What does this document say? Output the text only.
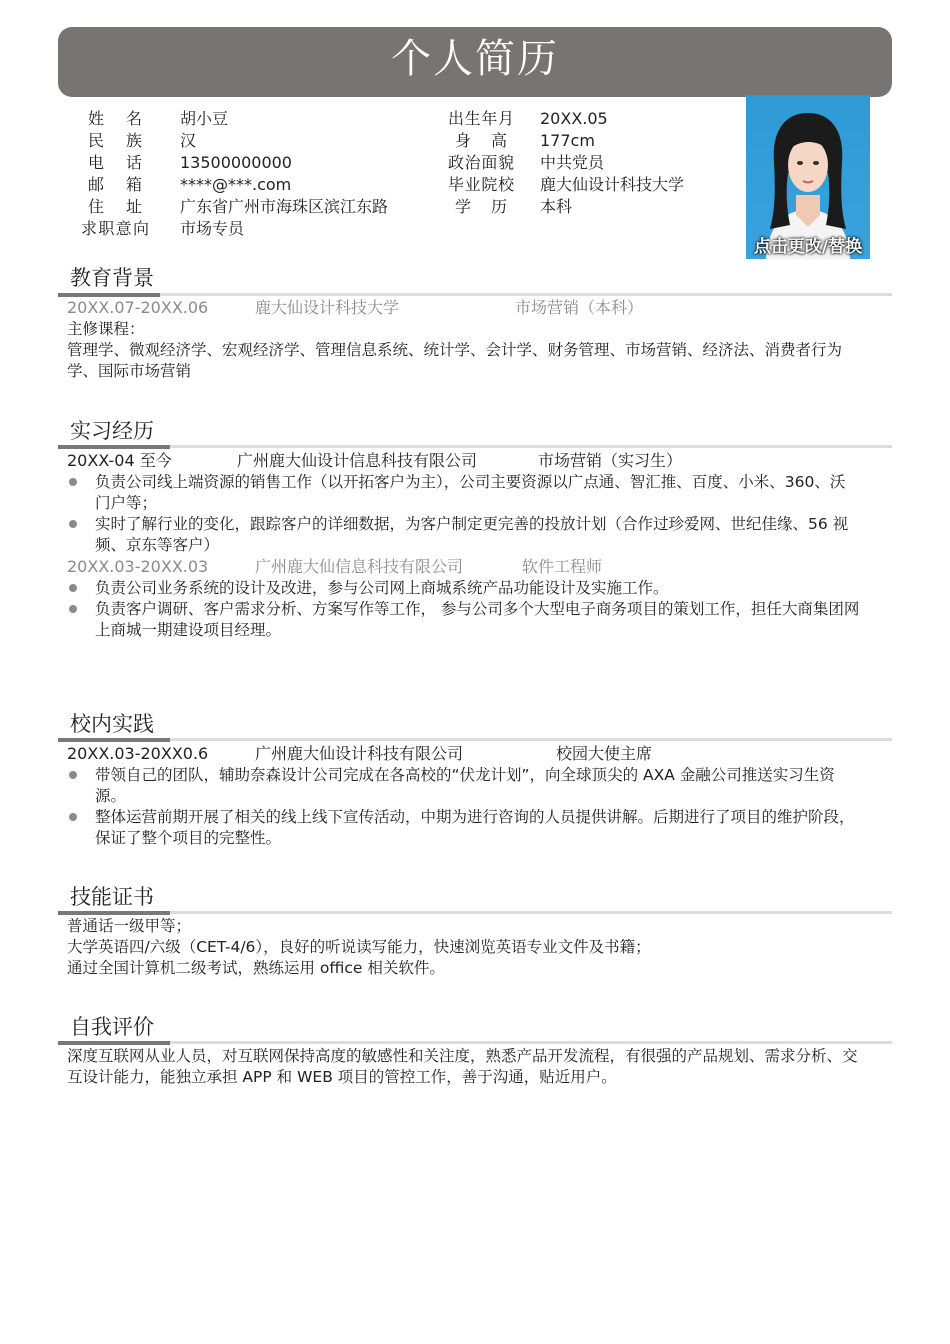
个人简历
姓名 胡小豆
民族 汉
电话 13500000000
邮箱 ****@***.com
住址 广东省广州市海珠区滨江东路
求职意向 市场专员
出生年月 20XX.05
身高 177cm
政治面貌 中共党员
毕业院校 鹿大仙设计科技大学
学历 本科
点击更改/替换
教育背景
20XX.07-20XX.06	鹿大仙设计科技大学	市场营销（本科）
主修课程：
管理学、微观经济学、宏观经济学、管理信息系统、统计学、会计学、财务管理、市场营销、经济法、消费者行为
学、国际市场营销
实习经历
20XX-04 至今	广州鹿大仙设计信息科技有限公司	市场营销（实习生）
负责公司线上端资源的销售工作（以开拓客户为主），公司主要资源以广点通、智汇推、百度、小米、360、沃
门户等；
实时了解行业的变化，跟踪客户的详细数据，为客户制定更完善的投放计划（合作过珍爱网、世纪佳缘、56 视
频、京东等客户）
20XX.03-20XX.03	广州鹿大仙信息科技有限公司	软件工程师
负责公司业务系统的设计及改进，参与公司网上商城系统产品功能设计及实施工作。
负责客户调研、客户需求分析、方案写作等工作， 参与公司多个大型电子商务项目的策划工作，担任大商集团网
上商城一期建设项目经理。
校内实践
20XX.03-20XX0.6	广州鹿大仙设计科技有限公司	校园大使主席
带领自己的团队，辅助奈森设计公司完成在各高校的“伏龙计划”，向全球顶尖的 AXA 金融公司推送实习生资
源。
整体运营前期开展了相关的线上线下宣传活动，中期为进行咨询的人员提供讲解。后期进行了项目的维护阶段，
保证了整个项目的完整性。
技能证书
普通话一级甲等；
大学英语四/六级（CET-4/6），良好的听说读写能力，快速浏览英语专业文件及书籍；
通过全国计算机二级考试，熟练运用 office 相关软件。
自我评价
深度互联网从业人员，对互联网保持高度的敏感性和关注度，熟悉产品开发流程，有很强的产品规划、需求分析、交
互设计能力，能独立承担 APP 和 WEB 项目的管控工作，善于沟通，贴近用户。
